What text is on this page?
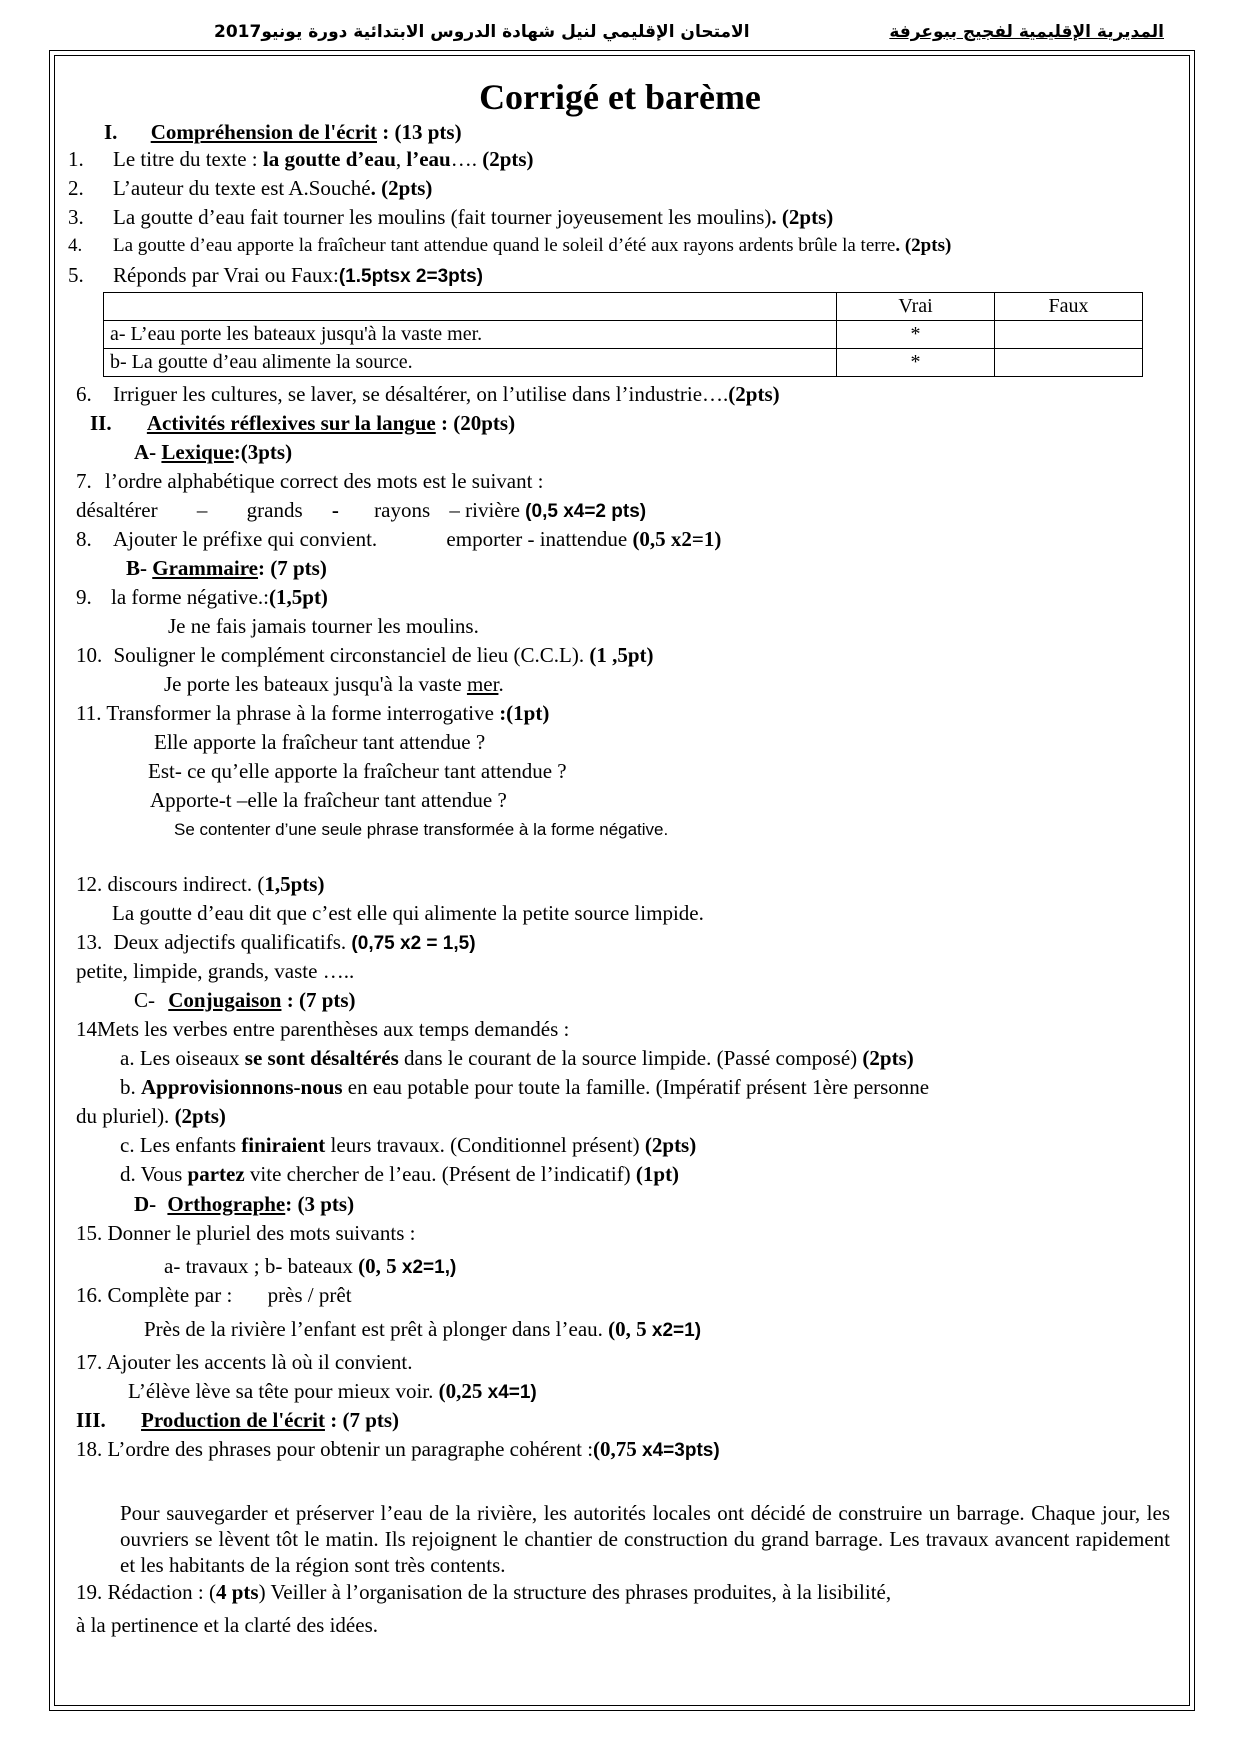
المديرية الإقليمية لفجيج ببوعرفة
الامتحان الإقليمي لنيل شهادة الدروس الابتدائية دورة يونيو2017
Corrigé et barème
I. Compréhension de l'écrit : (13 pts)
1. Le titre du texte : la goutte d’eau, l’eau…. (2pts)
2. L’auteur du texte est A.Souché. (2pts)
3. La goutte d’eau fait tourner les moulins (fait tourner joyeusement les moulins). (2pts)
4. La goutte d’eau apporte la fraîcheur tant attendue quand le soleil d’été aux rayons ardents brûle la terre. (2pts)
5. Réponds par Vrai ou Faux:(1.5ptsx 2=3pts)
	Vrai	Faux
a- L’eau porte les bateaux jusqu'à la vaste mer.	*	
b- La goutte d’eau alimente la source.	*	
6. Irriguer les cultures, se laver, se désaltérer, on l’utilise dans l’industrie….(2pts)
II. Activités réflexives sur la langue : (20pts)
A- Lexique:(3pts)
7. l’ordre alphabétique correct des mots est le suivant :
désaltérer – grands - rayons – rivière (0,5 x4=2 pts)
8. Ajouter le préfixe qui convient.	emporter - inattendue (0,5 x2=1)
B- Grammaire: (7 pts)
9. la forme négative.:(1,5pt)
Je ne fais jamais tourner les moulins.
10. Souligner le complément circonstanciel de lieu (C.C.L). (1 ,5pt)
Je porte les bateaux jusqu'à la vaste mer.
11. Transformer la phrase à la forme interrogative :(1pt)
Elle apporte la fraîcheur tant attendue ?
Est- ce qu’elle apporte la fraîcheur tant attendue ?
Apporte-t –elle la fraîcheur tant attendue ?
Se contenter d’une seule phrase transformée à la forme négative.
12. discours indirect. (1,5pts)
La goutte d’eau dit que c’est elle qui alimente la petite source limpide.
13. Deux adjectifs qualificatifs. (0,75 x2 = 1,5)
petite, limpide, grands, vaste …..
C- Conjugaison : (7 pts)
14Mets les verbes entre parenthèses aux temps demandés :
a. Les oiseaux se sont désaltérés dans le courant de la source limpide. (Passé composé) (2pts)
b. Approvisionnons-nous en eau potable pour toute la famille. (Impératif présent 1ère personne
du pluriel). (2pts)
c. Les enfants finiraient leurs travaux. (Conditionnel présent) (2pts)
d. Vous partez vite chercher de l’eau. (Présent de l’indicatif) (1pt)
D- Orthographe: (3 pts)
15. Donner le pluriel des mots suivants :
a- travaux ; b- bateaux (0, 5 x2=1,)
16. Complète par : près / prêt
Près de la rivière l’enfant est prêt à plonger dans l’eau. (0, 5 x2=1)
17. Ajouter les accents là où il convient.
L’élève lève sa tête pour mieux voir. (0,25 x4=1)
III. Production de l'écrit : (7 pts)
18. L’ordre des phrases pour obtenir un paragraphe cohérent :(0,75 x4=3pts)
Pour sauvegarder et préserver l’eau de la rivière, les autorités locales ont décidé de construire un barrage. Chaque jour, les ouvriers se lèvent tôt le matin. Ils rejoignent le chantier de construction du grand barrage. Les travaux avancent rapidement et les habitants de la région sont très contents.
19. Rédaction : (4 pts) Veiller à l’organisation de la structure des phrases produites, à la lisibilité,
à la pertinence et la clarté des idées.
